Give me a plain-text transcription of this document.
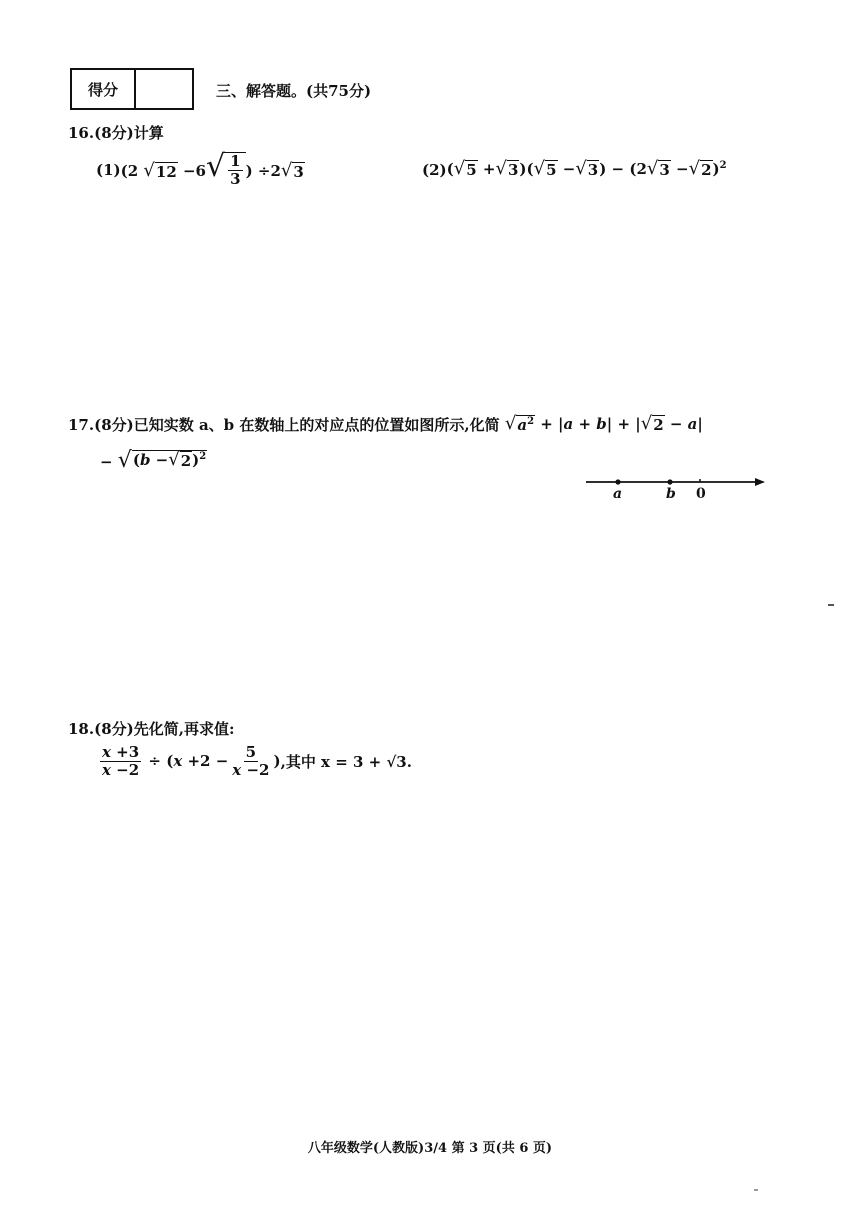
得分	三、解答题。(共75分)
16.(8分)计算
(1) (2 √ 12 −6 √ $\frac{1}{3}$ ) ÷2 √ 3	(2) ( √ 5 + √ 3 )( √ 5 − √ 3 ) − (2 √ 3 − √ 2 )$^2$
17.(8分)已知实数 a、b 在数轴上的对应点的位置如图所示,化简
√ $a^2 + |a + b|$ + | √ 2 − a|
− √ (b − √ 2 )$^2$
a	b 0
18.(8分)先化简,再求值:
$\frac{x +3}{x -2} \div (x +2 - \frac{5}{x -2}$ ) ,其中 x = 3 + √3.
八年级数学(人教版)3/4 第 3 页(共 6 页)
